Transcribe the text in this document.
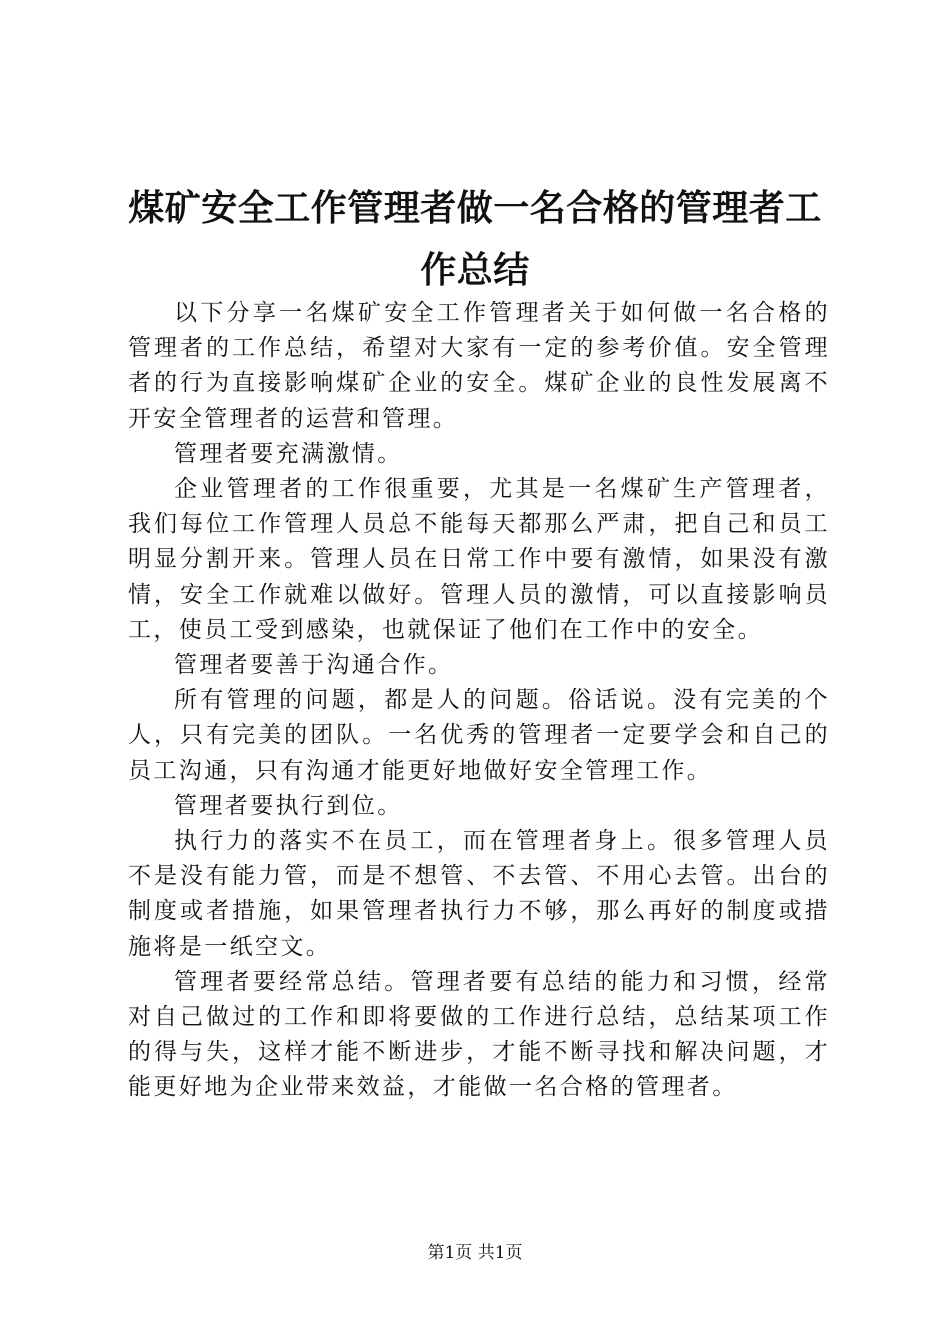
煤矿安全工作管理者做一名合格的管理者工作总结

以下分享一名煤矿安全工作管理者关于如何做一名合格的管理者的工作总结，希望对大家有一定的参考价值。安全管理者的行为直接影响煤矿企业的安全。煤矿企业的良性发展离不开安全管理者的运营和管理。

管理者要充满激情。

企业管理者的工作很重要，尤其是一名煤矿生产管理者，我们每位工作管理人员总不能每天都那么严肃，把自己和员工明显分割开来。管理人员在日常工作中要有激情，如果没有激情，安全工作就难以做好。管理人员的激情，可以直接影响员工，使员工受到感染，也就保证了他们在工作中的安全。

管理者要善于沟通合作。

所有管理的问题，都是人的问题。俗话说。没有完美的个人，只有完美的团队。一名优秀的管理者一定要学会和自己的员工沟通，只有沟通才能更好地做好安全管理工作。

管理者要执行到位。

执行力的落实不在员工，而在管理者身上。很多管理人员不是没有能力管，而是不想管、不去管、不用心去管。出台的制度或者措施，如果管理者执行力不够，那么再好的制度或措施将是一纸空文。

管理者要经常总结。管理者要有总结的能力和习惯，经常对自己做过的工作和即将要做的工作进行总结，总结某项工作的得与失，这样才能不断进步，才能不断寻找和解决问题，才能更好地为企业带来效益，才能做一名合格的管理者。

第1页 共1页
